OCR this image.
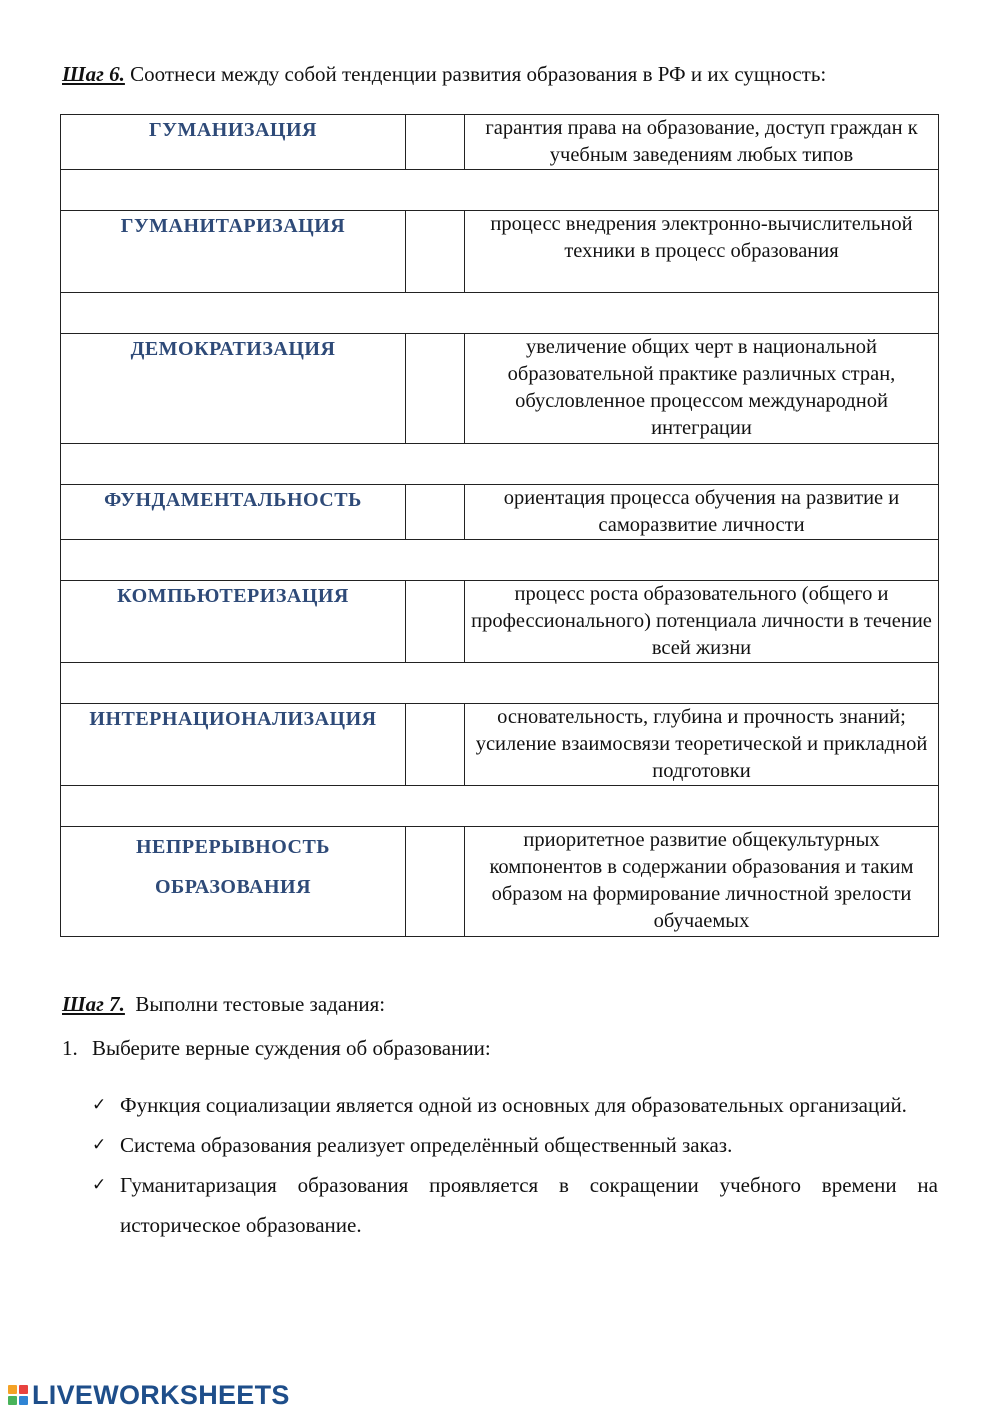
Шаг 6. Соотнеси между собой тенденции развития образования в РФ и их сущность:
ГУМАНИЗАЦИЯ		гарантия права на образование, доступ граждан к учебным заведениям любых типов

ГУМАНИТАРИЗАЦИЯ		процесс внедрения электронно-вычислительной техники в процесс образования

ДЕМОКРАТИЗАЦИЯ		увеличение общих черт в национальной образовательной практике различных стран, обусловленное процессом международной интеграции

ФУНДАМЕНТАЛЬНОСТЬ		ориентация процесса обучения на развитие и саморазвитие личности

КОМПЬЮТЕРИЗАЦИЯ		процесс роста образовательного (общего и профессионального) потенциала личности в течение всей жизни

ИНТЕРНАЦИОНАЛИЗАЦИЯ		основательность, глубина и прочность знаний; усиление взаимосвязи теоретической и прикладной подготовки

НЕПРЕРЫВНОСТЬ
ОБРАЗОВАНИЯ		приоритетное развитие общекультурных компонентов в содержании образования и таким образом на формирование личностной зрелости обучаемых
Шаг 7. Выполни тестовые задания:
1. Выберите верные суждения об образовании:
✓ Функция социализации является одной из основных для образовательных организаций.
✓ Система образования реализует определённый общественный заказ.
✓ Гуманитаризация образования проявляется в сокращении учебного времени на историческое образование.
LIVEWORKSHEETS
